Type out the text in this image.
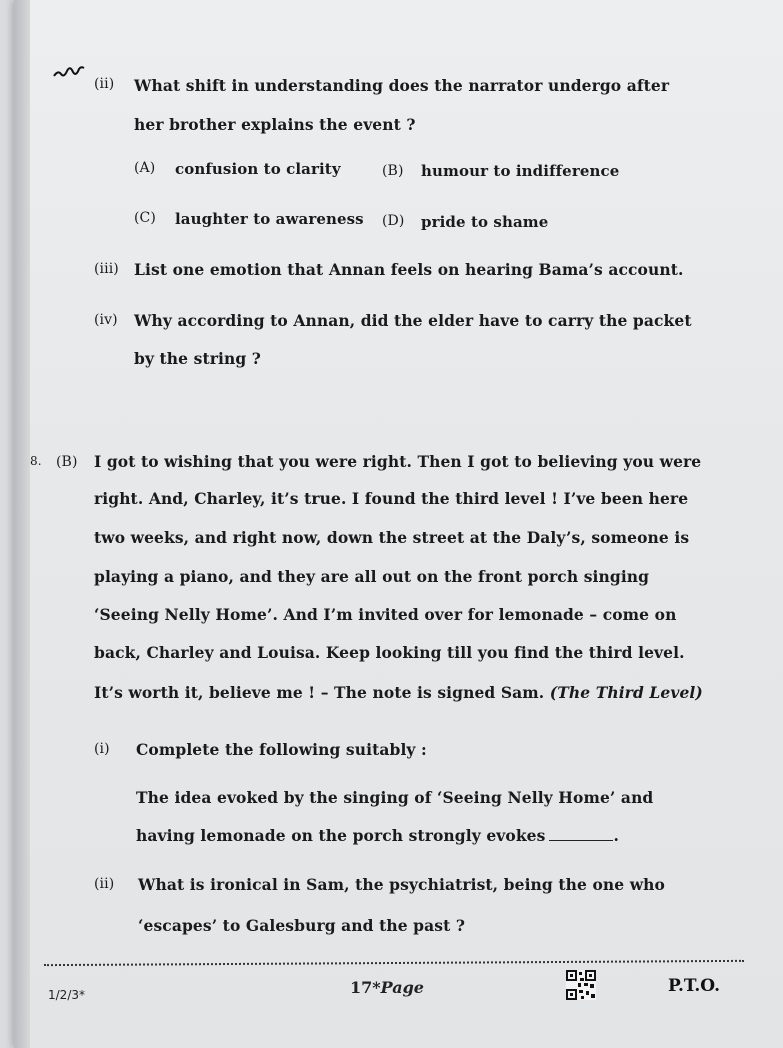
(ii) What shift in understanding does the narrator undergo after
her brother explains the event ?
(A) confusion to clarity	(B) humour to indifference
(C) laughter to awareness (D) pride to shame
(iii) List one emotion that Annan feels on hearing Bama’s account.
(iv) Why according to Annan, did the elder have to carry the packet
by the string ?
8. (B) I got to wishing that you were right. Then I got to believing you were
right. And, Charley, it’s true. I found the third level ! I’ve been here
two weeks, and right now, down the street at the Daly’s, someone is
playing a piano, and they are all out on the front porch singing
‘Seeing Nelly Home’. And I’m invited over for lemonade – come on
back, Charley and Louisa. Keep looking till you find the third level.
It’s worth it, believe me ! – The note is signed Sam. (The Third Level)
(i) Complete the following suitably :
The idea evoked by the singing of ‘Seeing Nelly Home’ and
having lemonade on the porch strongly evokes	.
(ii) What is ironical in Sam, the psychiatrist, being the one who
‘escapes’ to Galesburg and the past ?
1/2/3*	17*Page	P.T.O.
